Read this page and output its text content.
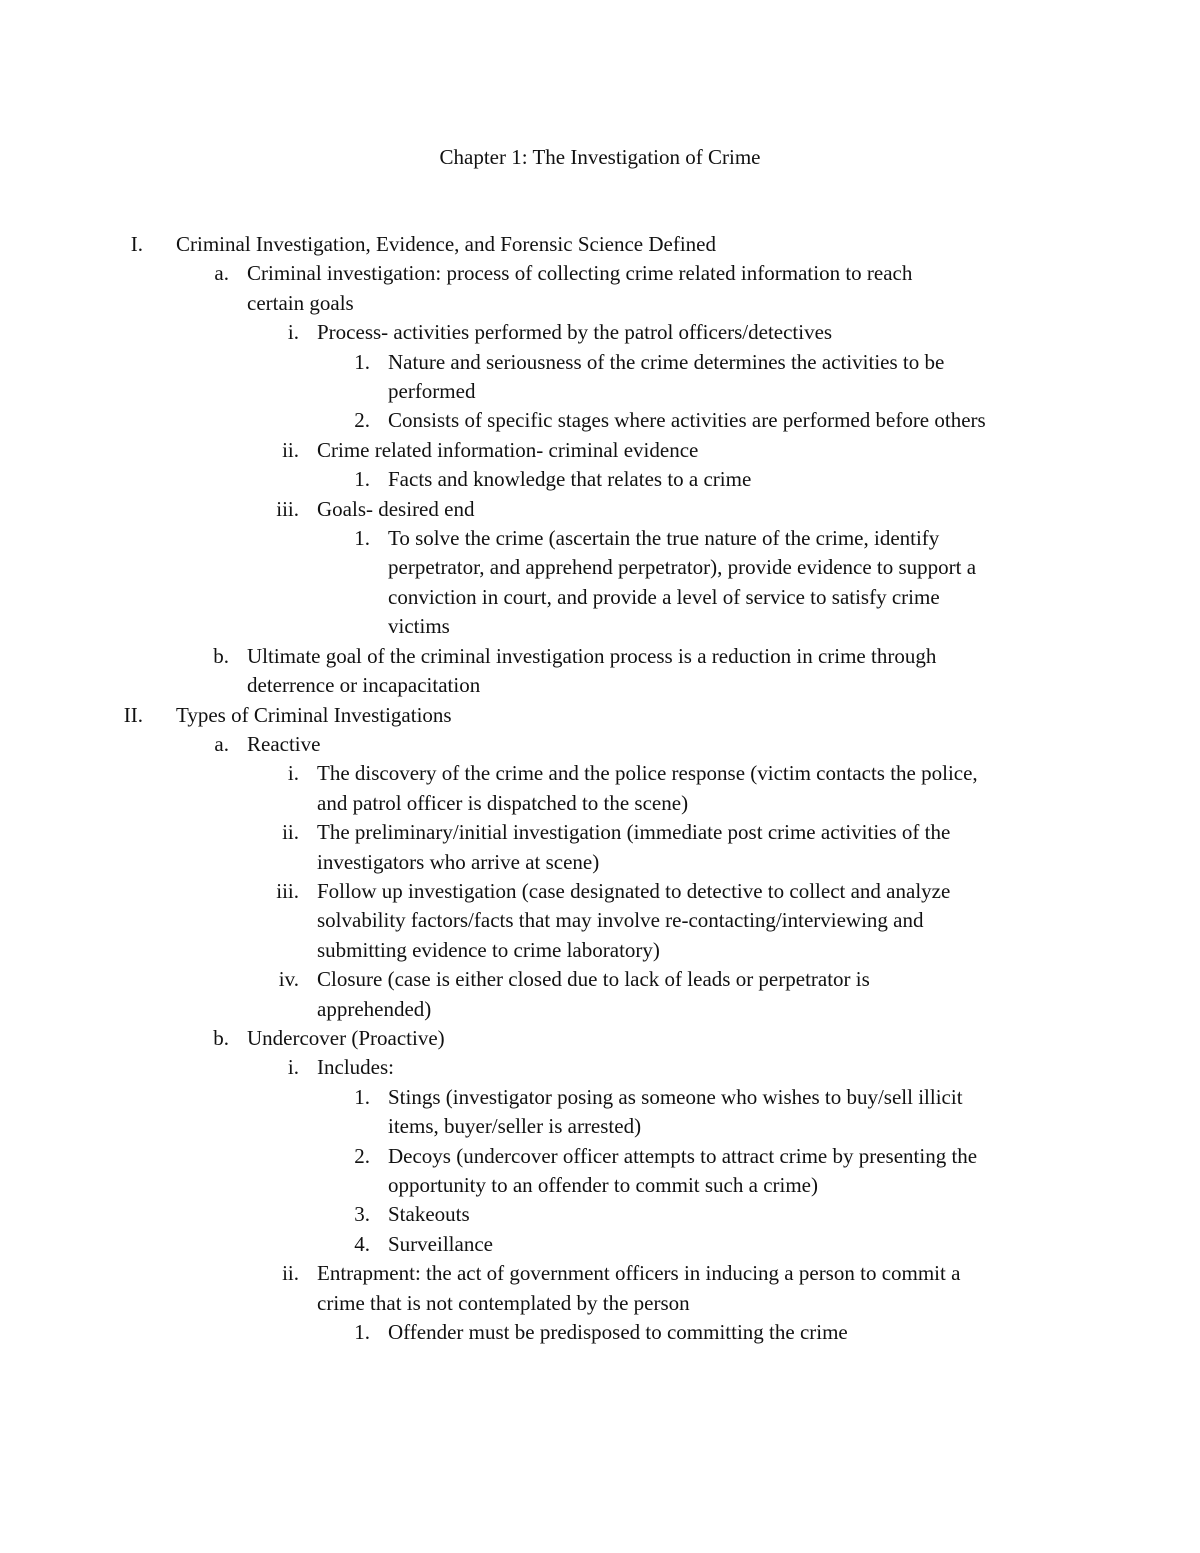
Chapter 1: The Investigation of Crime
I. Criminal Investigation, Evidence, and Forensic Science Defined
a. Criminal investigation: process of collecting crime related information to reach
certain goals
i. Process- activities performed by the patrol officers/detectives
1. Nature and seriousness of the crime determines the activities to be
performed
2. Consists of specific stages where activities are performed before others
ii. Crime related information- criminal evidence
1. Facts and knowledge that relates to a crime
iii. Goals- desired end
1. To solve the crime (ascertain the true nature of the crime, identify
perpetrator, and apprehend perpetrator), provide evidence to support a
conviction in court, and provide a level of service to satisfy crime
victims
b. Ultimate goal of the criminal investigation process is a reduction in crime through
deterrence or incapacitation
II. Types of Criminal Investigations
a. Reactive
i. The discovery of the crime and the police response (victim contacts the police,
and patrol officer is dispatched to the scene)
ii. The preliminary/initial investigation (immediate post crime activities of the
investigators who arrive at scene)
iii. Follow up investigation (case designated to detective to collect and analyze
solvability factors/facts that may involve re-contacting/interviewing and
submitting evidence to crime laboratory)
iv. Closure (case is either closed due to lack of leads or perpetrator is
apprehended)
b. Undercover (Proactive)
i. Includes:
1. Stings (investigator posing as someone who wishes to buy/sell illicit
items, buyer/seller is arrested)
2. Decoys (undercover officer attempts to attract crime by presenting the
opportunity to an offender to commit such a crime)
3. Stakeouts
4. Surveillance
ii. Entrapment: the act of government officers in inducing a person to commit a
crime that is not contemplated by the person
1. Offender must be predisposed to committing the crime
